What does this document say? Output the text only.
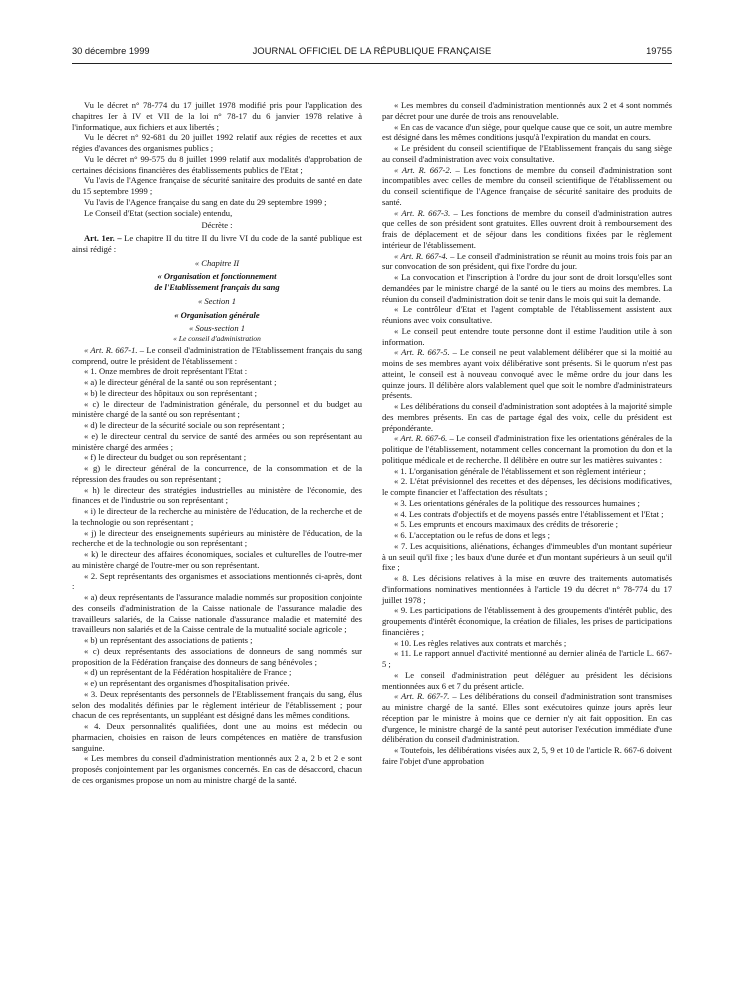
30 décembre 1999	JOURNAL OFFICIEL DE LA RÉPUBLIQUE FRANÇAISE	19755

Vu le décret n° 78-774 du 17 juillet 1978 modifié pris pour l'application des chapitres Ier à IV et VII de la loi n° 78-17 du 6 janvier 1978 relative à l'informatique, aux fichiers et aux libertés ;

Vu le décret n° 92-681 du 20 juillet 1992 relatif aux régies de recettes et aux régies d'avances des organismes publics ;

Vu le décret n° 99-575 du 8 juillet 1999 relatif aux modalités d'approbation de certaines décisions financières des établissements publics de l'Etat ;

Vu l'avis de l'Agence française de sécurité sanitaire des produits de santé en date du 15 septembre 1999 ;

Vu l'avis de l'Agence française du sang en date du 29 septembre 1999 ;

Le Conseil d'Etat (section sociale) entendu,

Décrète :

Art. 1er. – Le chapitre II du titre II du livre VI du code de la santé publique est ainsi rédigé :

« Chapitre II

« Organisation et fonctionnement

de l'Etablissement français du sang

« Section 1

« Organisation générale

« Sous-section 1

« Le conseil d'administration

« Art. R. 667-1. – Le conseil d'administration de l'Etablissement français du sang comprend, outre le président de l'établissement :

« 1. Onze membres de droit représentant l'Etat :

« a) le directeur général de la santé ou son représentant ;

« b) le directeur des hôpitaux ou son représentant ;

« c) le directeur de l'administration générale, du personnel et du budget au ministère chargé de la santé ou son représentant ;

« d) le directeur de la sécurité sociale ou son représentant ;

« e) le directeur central du service de santé des armées ou son représentant au ministère chargé des armées ;

« f) le directeur du budget ou son représentant ;

« g) le directeur général de la concurrence, de la consommation et de la répression des fraudes ou son représentant ;

« h) le directeur des stratégies industrielles au ministère de l'économie, des finances et de l'industrie ou son représentant ;

« i) le directeur de la recherche au ministère de l'éducation, de la recherche et de la technologie ou son représentant ;

« j) le directeur des enseignements supérieurs au ministère de l'éducation, de la recherche et de la technologie ou son représentant ;

« k) le directeur des affaires économiques, sociales et culturelles de l'outre-mer au ministère chargé de l'outre-mer ou son représentant.

« 2. Sept représentants des organismes et associations mentionnés ci-après, dont :

« a) deux représentants de l'assurance maladie nommés sur proposition conjointe des conseils d'administration de la Caisse nationale de l'assurance maladie des travailleurs salariés, de la Caisse nationale d'assurance maladie et maternité des travailleurs non salariés et de la Caisse centrale de la mutualité sociale agricole ;

« b) un représentant des associations de patients ;

« c) deux représentants des associations de donneurs de sang nommés sur proposition de la Fédération française des donneurs de sang bénévoles ;

« d) un représentant de la Fédération hospitalière de France ;

« e) un représentant des organismes d'hospitalisation privée.

« 3. Deux représentants des personnels de l'Etablissement français du sang, élus selon des modalités définies par le règlement intérieur de l'établissement ; pour chacun de ces représentants, un suppléant est désigné dans les mêmes conditions.

« 4. Deux personnalités qualifiées, dont une au moins est médecin ou pharmacien, choisies en raison de leurs compétences en matière de transfusion sanguine.

« Les membres du conseil d'administration mentionnés aux 2 a, 2 b et 2 e sont proposés conjointement par les organismes concernés. En cas de désaccord, chacun de ces organismes propose un nom au ministre chargé de la santé.

« Les membres du conseil d'administration mentionnés aux 2 et 4 sont nommés par décret pour une durée de trois ans renouvelable.

« En cas de vacance d'un siège, pour quelque cause que ce soit, un autre membre est désigné dans les mêmes conditions jusqu'à l'expiration du mandat en cours.

« Le président du conseil scientifique de l'Etablissement français du sang siège au conseil d'administration avec voix consultative.

« Art. R. 667-2. – Les fonctions de membre du conseil d'administration sont incompatibles avec celles de membre du conseil scientifique de l'établissement ou du conseil scientifique de l'Agence française de sécurité sanitaire des produits de santé.

« Art. R. 667-3. – Les fonctions de membre du conseil d'administration autres que celles de son président sont gratuites. Elles ouvrent droit à remboursement des frais de déplacement et de séjour dans les conditions fixées par le règlement intérieur de l'établissement.

« Art. R. 667-4. – Le conseil d'administration se réunit au moins trois fois par an sur convocation de son président, qui fixe l'ordre du jour.

« La convocation et l'inscription à l'ordre du jour sont de droit lorsqu'elles sont demandées par le ministre chargé de la santé ou le tiers au moins des membres. La réunion du conseil d'administration doit se tenir dans le mois qui suit la demande.

« Le contrôleur d'Etat et l'agent comptable de l'établissement assistent aux réunions avec voix consultative.

« Le conseil peut entendre toute personne dont il estime l'audition utile à son information.

« Art. R. 667-5. – Le conseil ne peut valablement délibérer que si la moitié au moins de ses membres ayant voix délibérative sont présents. Si le quorum n'est pas atteint, le conseil est à nouveau convoqué avec le même ordre du jour dans les quinze jours. Il délibère alors valablement quel que soit le nombre d'administrateurs présents.

« Les délibérations du conseil d'administration sont adoptées à la majorité simple des membres présents. En cas de partage égal des voix, celle du président est prépondérante.

« Art. R. 667-6. – Le conseil d'administration fixe les orientations générales de la politique de l'établissement, notamment celles concernant la promotion du don et la politique médicale et de recherche. Il délibère en outre sur les matières suivantes :

« 1. L'organisation générale de l'établissement et son règlement intérieur ;

« 2. L'état prévisionnel des recettes et des dépenses, les décisions modificatives, le compte financier et l'affectation des résultats ;

« 3. Les orientations générales de la politique des ressources humaines ;

« 4. Les contrats d'objectifs et de moyens passés entre l'établissement et l'Etat ;

« 5. Les emprunts et encours maximaux des crédits de trésorerie ;

« 6. L'acceptation ou le refus de dons et legs ;

« 7. Les acquisitions, aliénations, échanges d'immeubles d'un montant supérieur à un seuil qu'il fixe ; les baux d'une durée et d'un montant supérieurs à un seuil qu'il fixe ;

« 8. Les décisions relatives à la mise en œuvre des traitements automatisés d'informations nominatives mentionnées à l'article 19 du décret n° 78-774 du 17 juillet 1978 ;

« 9. Les participations de l'établissement à des groupements d'intérêt public, des groupements d'intérêt économique, la création de filiales, les prises de participations financières ;

« 10. Les règles relatives aux contrats et marchés ;

« 11. Le rapport annuel d'activité mentionné au dernier alinéa de l'article L. 667-5 ;

« Le conseil d'administration peut déléguer au président les décisions mentionnées aux 6 et 7 du présent article.

« Art. R. 667-7. – Les délibérations du conseil d'administration sont transmises au ministre chargé de la santé. Elles sont exécutoires quinze jours après leur réception par le ministre à moins que ce dernier n'y ait fait opposition. En cas d'urgence, le ministre chargé de la santé peut autoriser l'exécution immédiate d'une délibération du conseil d'administration.

« Toutefois, les délibérations visées aux 2, 5, 9 et 10 de l'article R. 667-6 doivent faire l'objet d'une approbation
